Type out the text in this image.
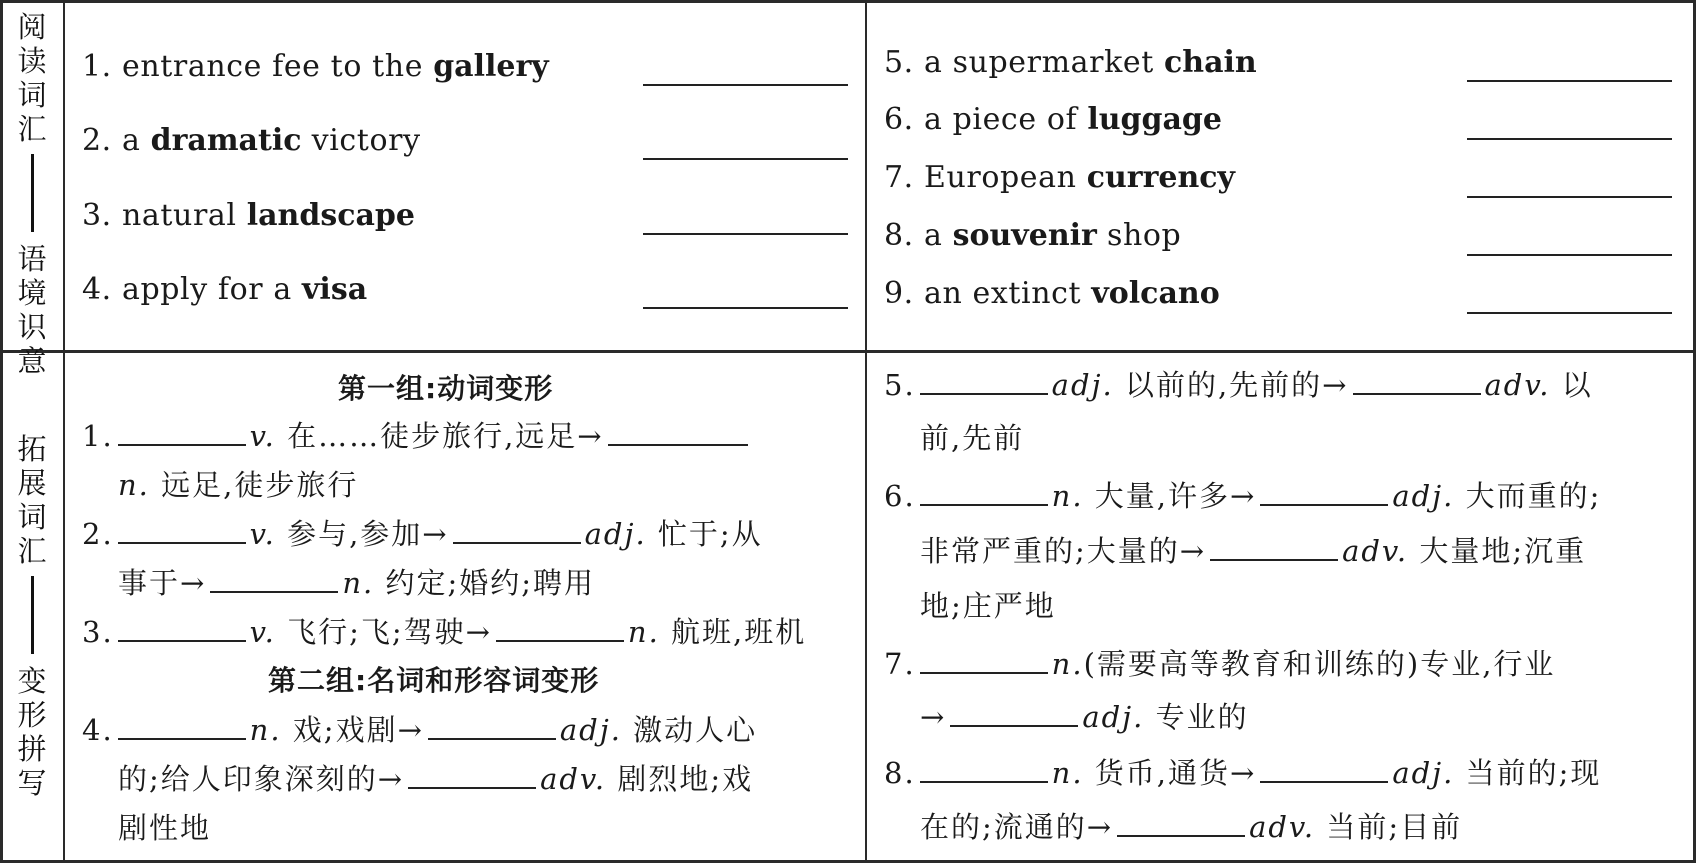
阅
读
词
汇
语
境
识
意
拓
展
词
汇
变
形
拼
写
1. entrance fee to the gallery
2. a dramatic victory
3. natural landscape
4. apply for a visa
5. a supermarket chain
6. a piece of luggage
7. European currency
8. a souvenir shop
9. an extinct volcano
第一组:动词变形
第二组:名词和形容词变形
1.	v. 在……徒步旅行,远足→
n. 远足,徒步旅行
2.	v. 参与,参加→	adj. 忙于;从
事于→	n. 约定;婚约;聘用
3.	v. 飞行;飞;驾驶→	n. 航班,班机
4.	n. 戏;戏剧→	adj. 激动人心
的;给人印象深刻的→	adv. 剧烈地;戏
剧性地
5.	adj. 以前的,先前的→	adv. 以
前,先前
6.	n. 大量,许多→	adj. 大而重的;
非常严重的;大量的→	adv. 大量地;沉重
地;庄严地
7.	n.(需要高等教育和训练的)专业,行业
→	adj. 专业的
8.	n. 货币,通货→	adj. 当前的;现
在的;流通的→	adv. 当前;目前
